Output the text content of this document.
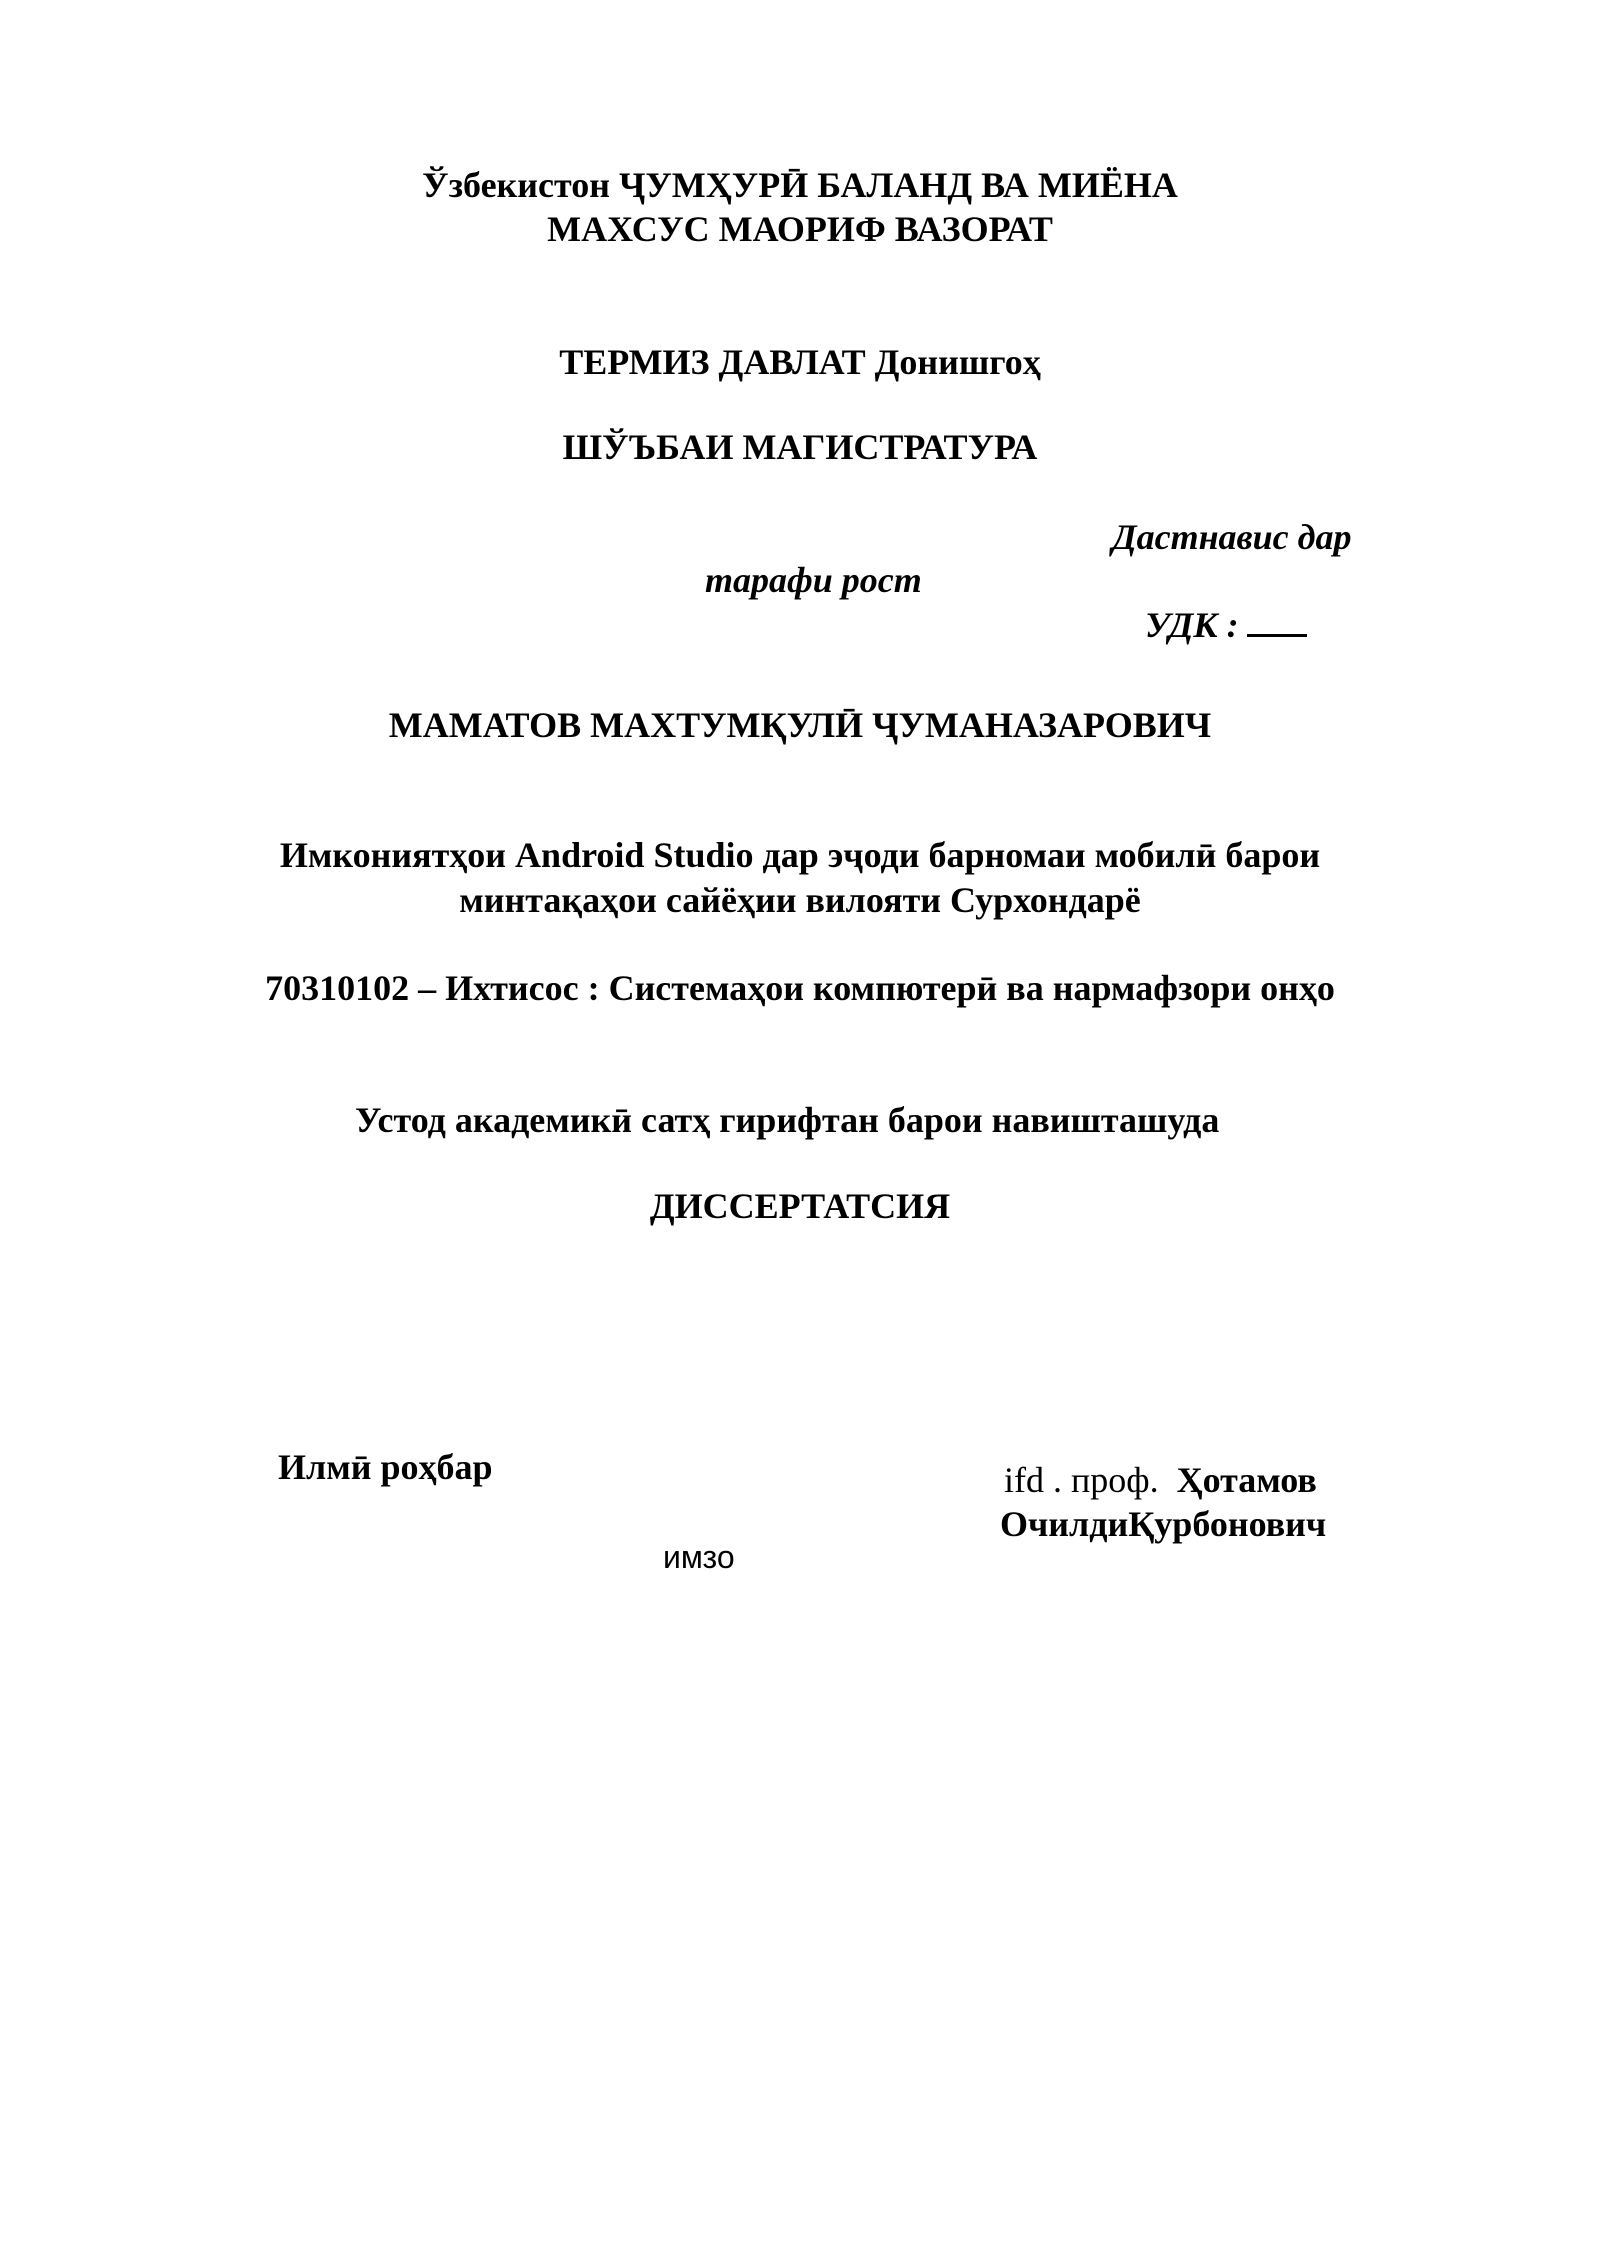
Ўзбекистон ҶУМҲУРӢ БАЛАНД ВА МИЁНА
МАХСУС МАОРИФ ВАЗОРАТ
ТЕРМИЗ ДАВЛАТ Донишгоҳ
ШЎЪБАИ МАГИСТРАТУРА
Дастнавис дар
тарафи рост
УДК :
МАМАТОВ МАХТУМҚУЛӢ ҶУМАНАЗАРОВИЧ
Имкониятҳои Android Studio дар эҷоди барномаи мобилӣ барои
минтақаҳои сайёҳии вилояти Сурхондарё
70310102 – Ихтисос : Системаҳои компютерӣ ва нармафзори онҳо
Устод академикӣ сатҳ гирифтан барои навишташуда
ДИССЕРТАТСИЯ
Илмӣ роҳбар	ifd . проф. Ҳотамов
ОчилдиҚурбонович
имзо
